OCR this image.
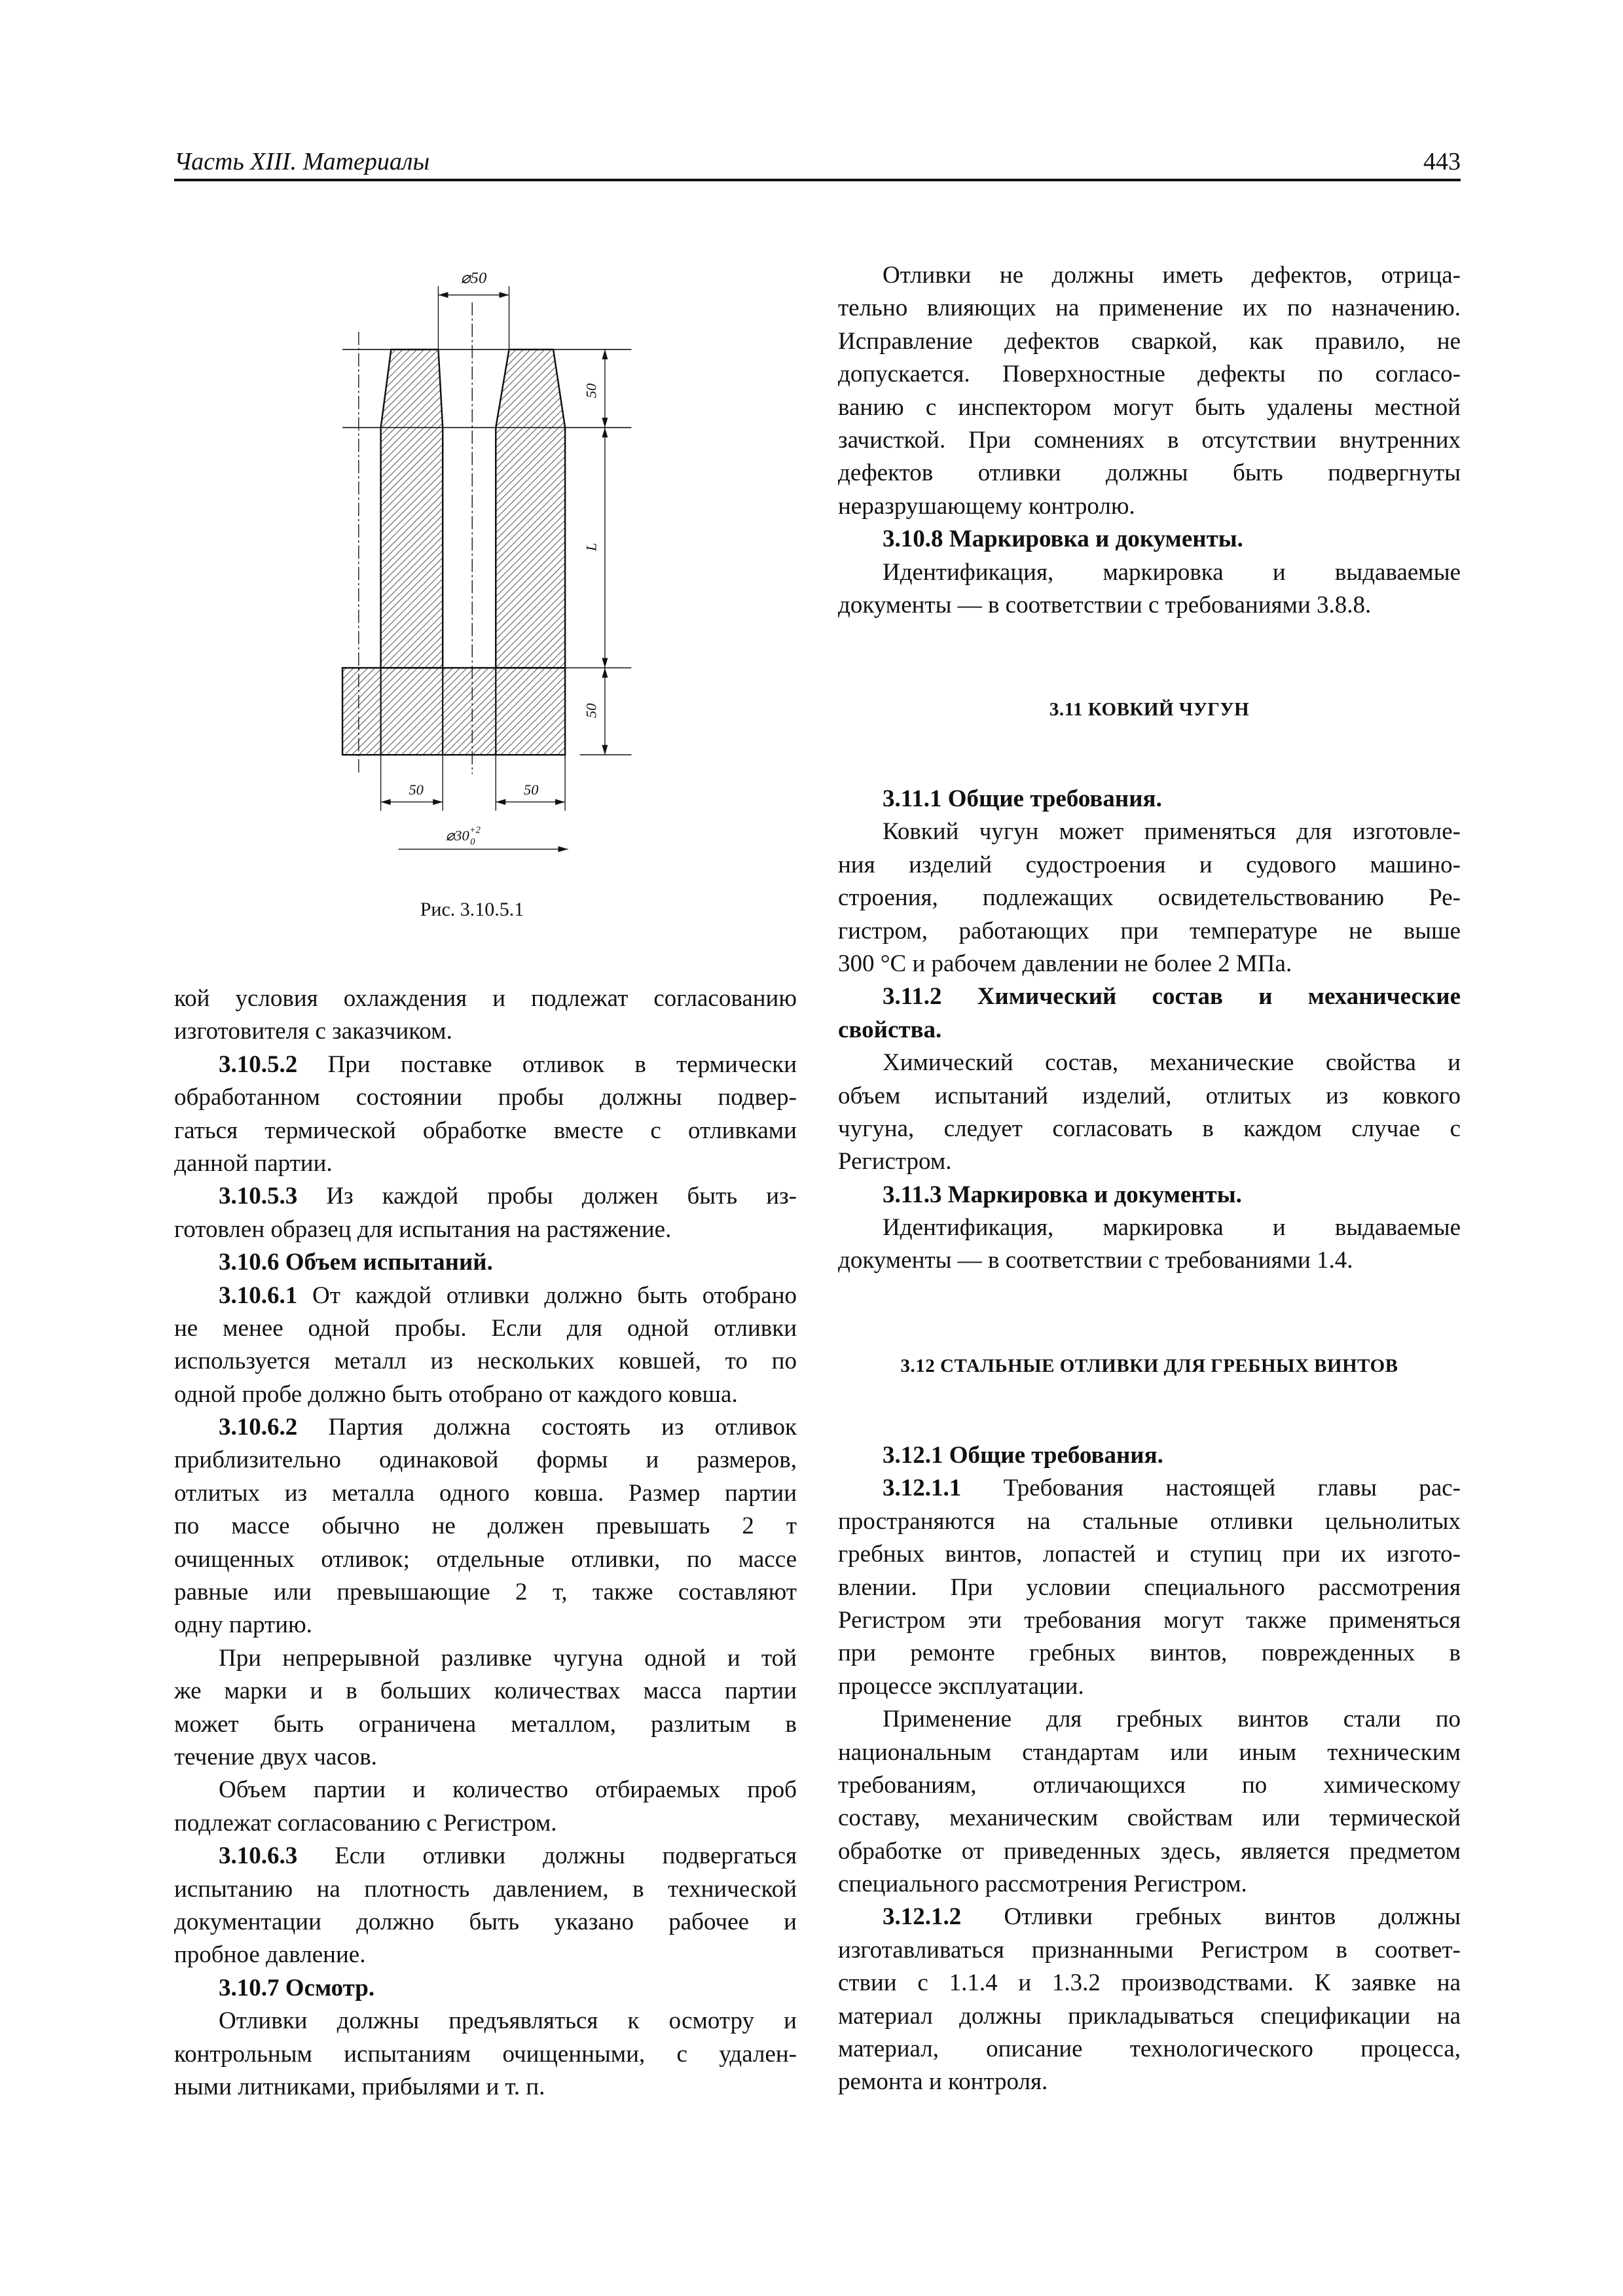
Часть XIII. Материалы	443
⌀50
50
L
50
50	50
$⌀30^{+2}$ 0
Рис. 3.10.5.1
кой условия охлаждения и подлежат согласованию
изготовителя с заказчиком.
3.10.5.2 При поставке отливок в термически
обработанном состоянии пробы должны подвер-
гаться термической обработке вместе с отливками
данной партии.
3.10.5.3 Из каждой пробы должен быть из-
готовлен образец для испытания на растяжение.
3.10.6 Объем испытаний.
3.10.6.1 От каждой отливки должно быть отобрано
не менее одной пробы. Если для одной отливки
используется металл из нескольких ковшей, то по
одной пробе должно быть отобрано от каждого ковша.
3.10.6.2 Партия должна состоять из отливок
приблизительно одинаковой формы и размеров,
отлитых из металла одного ковша. Размер партии
по массе обычно не должен превышать 2 т
очищенных отливок; отдельные отливки, по массе
равные или превышающие 2 т, также составляют
одну партию.
При непрерывной разливке чугуна одной и той
же марки и в больших количествах масса партии
может быть ограничена металлом, разлитым в
течение двух часов.
Объем партии и количество отбираемых проб
подлежат согласованию с Регистром.
3.10.6.3 Если отливки должны подвергаться
испытанию на плотность давлением, в технической
документации должно быть указано рабочее и
пробное давление.
3.10.7 Осмотр.
Отливки должны предъявляться к осмотру и
контрольным испытаниям очищенными, с удален-
ными литниками, прибылями и т. п.
Отливки не должны иметь дефектов, отрица-
тельно влияющих на применение их по назначению.
Исправление дефектов сваркой, как правило, не
допускается. Поверхностные дефекты по согласо-
ванию с инспектором могут быть удалены местной
зачисткой. При сомнениях в отсутствии внутренних
дефектов отливки должны быть подвергнуты
неразрушающему контролю.
3.10.8 Маркировка и документы.
Идентификация, маркировка и выдаваемые
документы — в соответствии с требованиями 3.8.8.
3.11 КОВКИЙ ЧУГУН
3.11.1 Общие требования.
Ковкий чугун может применяться для изготовле-
ния изделий судостроения и судового машино-
строения, подлежащих освидетельствованию Ре-
гистром, работающих при температуре не выше
300 °C и рабочем давлении не более 2 МПа.
3.11.2 Химический состав и механические
свойства.
Химический состав, механические свойства и
объем испытаний изделий, отлитых из ковкого
чугуна, следует согласовать в каждом случае с
Регистром.
3.11.3 Маркировка и документы.
Идентификация, маркировка и выдаваемые
документы — в соответствии с требованиями 1.4.
3.12 СТАЛЬНЫЕ ОТЛИВКИ ДЛЯ ГРЕБНЫХ ВИНТОВ
3.12.1 Общие требования.
3.12.1.1 Требования настоящей главы рас-
пространяются на стальные отливки цельнолитых
гребных винтов, лопастей и ступиц при их изгото-
влении. При условии специального рассмотрения
Регистром эти требования могут также применяться
при ремонте гребных винтов, поврежденных в
процессе эксплуатации.
Применение для гребных винтов стали по
национальным стандартам или иным техническим
требованиям, отличающихся по химическому
составу, механическим свойствам или термической
обработке от приведенных здесь, является предметом
специального рассмотрения Регистром.
3.12.1.2 Отливки гребных винтов должны
изготавливаться признанными Регистром в соответ-
ствии с 1.1.4 и 1.3.2 производствами. К заявке на
материал должны прикладываться спецификации на
материал, описание технологического процесса,
ремонта и контроля.
